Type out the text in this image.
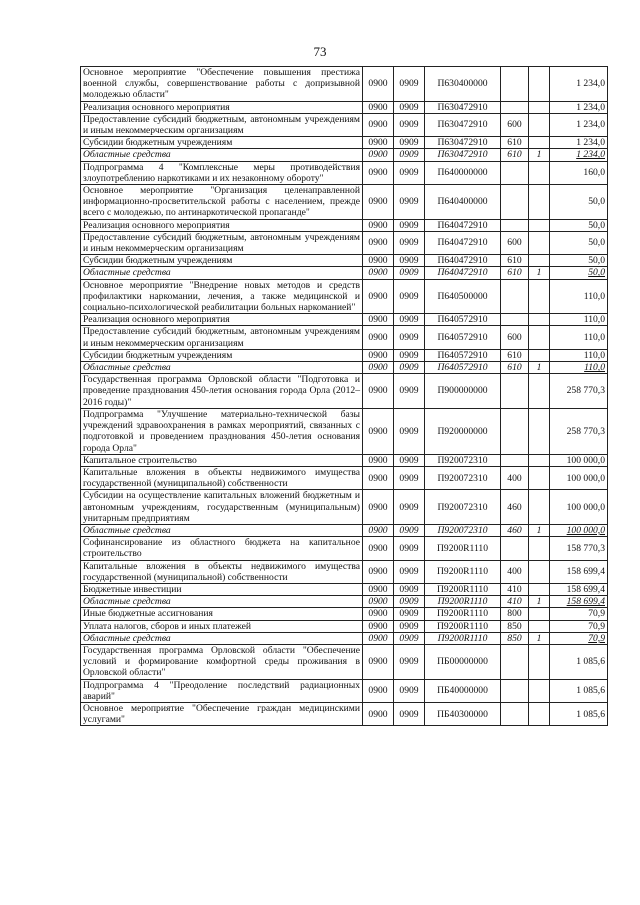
73
Основное мероприятие "Обеспечение повышения престижа военной службы, совершенствование работы с допризывной молодежью области"	0900	0909	П630400000			1 234,0
Реализация основного мероприятия	0900	0909	П630472910			1 234,0
Предоставление субсидий бюджетным, автономным учреждениям и иным некоммерческим организациям	0900	0909	П630472910	600		1 234,0
Субсидии бюджетным учреждениям	0900	0909	П630472910	610		1 234,0
Областные средства	0900	0909	П630472910	610	1	1 234,0
Подпрограмма 4 "Комплексные меры противодействия злоупотреблению наркотиками и их незаконному обороту"	0900	0909	П640000000			160,0
Основное мероприятие "Организация целенаправленной информационно-просветительской работы с населением, прежде всего с молодежью, по антинаркотической пропаганде"	0900	0909	П640400000			50,0
Реализация основного мероприятия	0900	0909	П640472910			50,0
Предоставление субсидий бюджетным, автономным учреждениям и иным некоммерческим организациям	0900	0909	П640472910	600		50,0
Субсидии бюджетным учреждениям	0900	0909	П640472910	610		50,0
Областные средства	0900	0909	П640472910	610	1	50,0
Основное мероприятие "Внедрение новых методов и средств профилактики наркомании, лечения, а также медицинской и социально-психологической реабилитации больных наркоманией"	0900	0909	П640500000			110,0
Реализация основного мероприятия	0900	0909	П640572910			110,0
Предоставление субсидий бюджетным, автономным учреждениям и иным некоммерческим организациям	0900	0909	П640572910	600		110,0
Субсидии бюджетным учреждениям	0900	0909	П640572910	610		110,0
Областные средства	0900	0909	П640572910	610	1	110,0
Государственная программа Орловской области "Подготовка и проведение празднования 450-летия основания города Орла (2012–2016 годы)"	0900	0909	П900000000			258 770,3
Подпрограмма "Улучшение материально-технической базы учреждений здравоохранения в рамках мероприятий, связанных с подготовкой и проведением празднования 450-летия основания города Орла"	0900	0909	П920000000			258 770,3
Капитальное строительство	0900	0909	П920072310			100 000,0
Капитальные вложения в объекты недвижимого имущества государственной (муниципальной) собственности	0900	0909	П920072310	400		100 000,0
Субсидии на осуществление капитальных вложений бюджетным и автономным учреждениям, государственным (муниципальным) унитарным предприятиям	0900	0909	П920072310	460		100 000,0
Областные средства	0900	0909	П920072310	460	1	100 000,0
Софинансирование из областного бюджета на капитальное строительство	0900	0909	П9200R1110			158 770,3
Капитальные вложения в объекты недвижимого имущества государственной (муниципальной) собственности	0900	0909	П9200R1110	400		158 699,4
Бюджетные инвестиции	0900	0909	П9200R1110	410		158 699,4
Областные средства	0900	0909	П9200R1110	410	1	158 699,4
Иные бюджетные ассигнования	0900	0909	П9200R1110	800		70,9
Уплата налогов, сборов и иных платежей	0900	0909	П9200R1110	850		70,9
Областные средства	0900	0909	П9200R1110	850	1	70,9
Государственная программа Орловской области "Обеспечение условий и формирование комфортной среды проживания в Орловской области"	0900	0909	ПБ00000000			1 085,6
Подпрограмма 4 "Преодоление последствий радиационных аварий"	0900	0909	ПБ40000000			1 085,6
Основное мероприятие "Обеспечение граждан медицинскими услугами"	0900	0909	ПБ40300000			1 085,6
